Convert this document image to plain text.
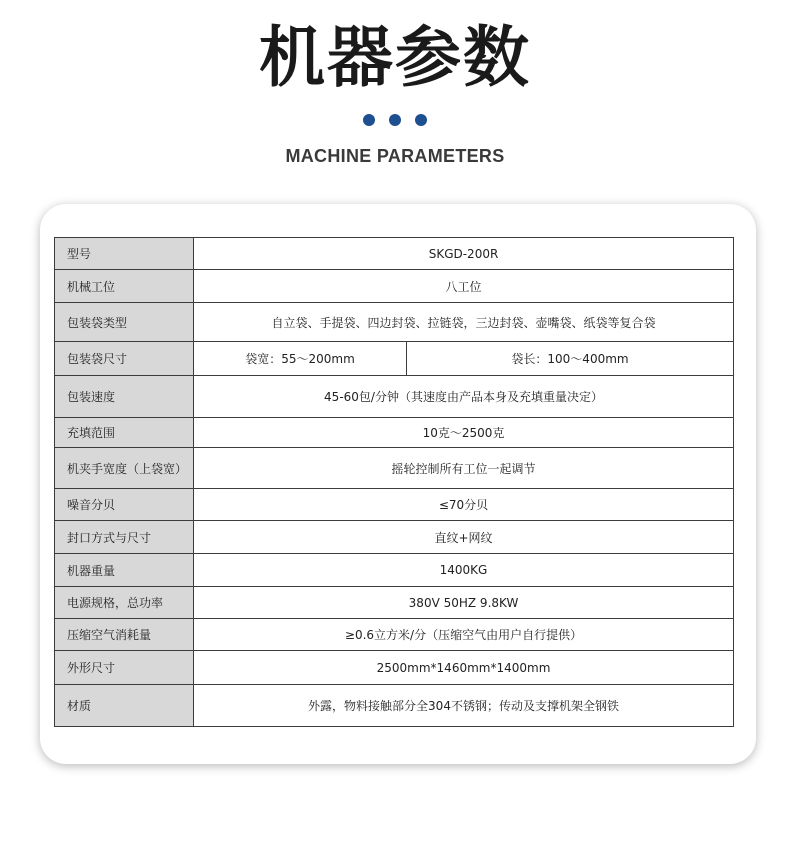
机器参数
MACHINE PARAMETERS
型号	SKGD-200R	
机械工位	八工位	
包装袋类型	自立袋、手提袋、四边封袋、拉链袋，三边封袋、壶嘴袋、纸袋等复合袋	
包装袋尺寸	袋宽：55～200mm	袋长：100～400mm
包装速度	45-60包/分钟（其速度由产品本身及充填重量决定）	
充填范围	10克～2500克	
机夹手宽度（上袋宽）	摇轮控制所有工位一起调节	
噪音分贝	≤70分贝	
封口方式与尺寸	直纹+网纹	
机器重量	1400KG	
电源规格，总功率	380V 50HZ 9.8KW	
压缩空气消耗量	≥0.6立方米/分（压缩空气由用户自行提供）	
外形尺寸	2500mm*1460mm*1400mm	
材质	外露，物料接触部分全304不锈钢；传动及支撑机架全钢铁	
